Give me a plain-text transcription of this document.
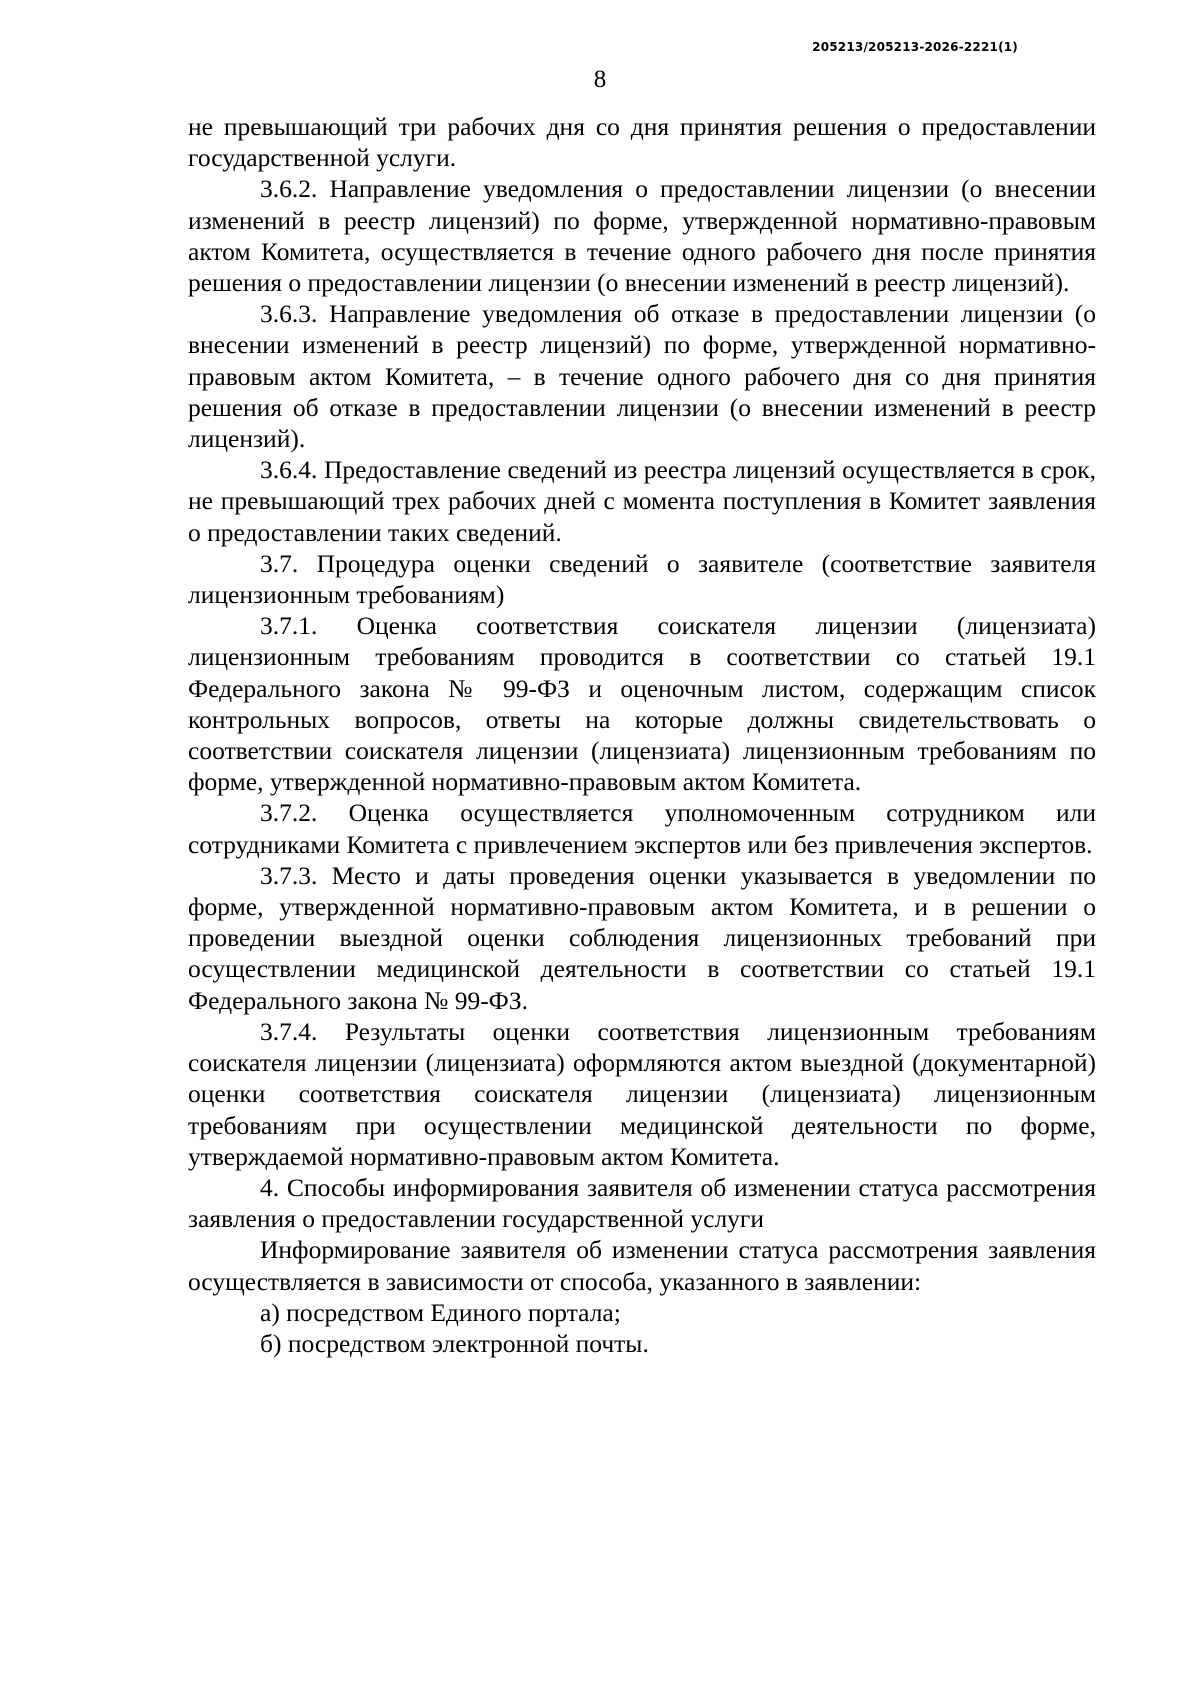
205213/205213-2026-2221(1)
8

не превышающий три рабочих дня со дня принятия решения о предоставлении государственной услуги.

3.6.2. Направление уведомления о предоставлении лицензии (о внесении изменений в реестр лицензий) по форме, утвержденной нормативно-правовым актом Комитета, осуществляется в течение одного рабочего дня после принятия решения о предоставлении лицензии (о внесении изменений в реестр лицензий).

3.6.3. Направление уведомления об отказе в предоставлении лицензии (о внесении изменений в реестр лицензий) по форме, утвержденной нормативно-правовым актом Комитета, – в течение одного рабочего дня со дня принятия решения об отказе в предоставлении лицензии (о внесении изменений в реестр лицензий).

3.6.4. Предоставление сведений из реестра лицензий осуществляется в срок, не превышающий трех рабочих дней с момента поступления в Комитет заявления о предоставлении таких сведений.

3.7. Процедура оценки сведений о заявителе (соответствие заявителя лицензионным требованиям)

3.7.1. Оценка соответствия соискателя лицензии (лицензиата) лицензионным требованиям проводится в соответствии со статьей 19.1 Федерального закона № 99-ФЗ и оценочным листом, содержащим список контрольных вопросов, ответы на которые должны свидетельствовать о соответствии соискателя лицензии (лицензиата) лицензионным требованиям по форме, утвержденной нормативно-правовым актом Комитета.

3.7.2. Оценка осуществляется уполномоченным сотрудником или сотрудниками Комитета с привлечением экспертов или без привлечения экспертов.

3.7.3. Место и даты проведения оценки указывается в уведомлении по форме, утвержденной нормативно-правовым актом Комитета, и в решении о проведении выездной оценки соблюдения лицензионных требований при осуществлении медицинской деятельности в соответствии со статьей 19.1 Федерального закона № 99-ФЗ.

3.7.4. Результаты оценки соответствия лицензионным требованиям соискателя лицензии (лицензиата) оформляются актом выездной (документарной) оценки соответствия соискателя лицензии (лицензиата) лицензионным требованиям при осуществлении медицинской деятельности по форме, утверждаемой нормативно-правовым актом Комитета.

4. Способы информирования заявителя об изменении статуса рассмотрения заявления о предоставлении государственной услуги

Информирование заявителя об изменении статуса рассмотрения заявления осуществляется в зависимости от способа, указанного в заявлении:

а) посредством Единого портала;

б) посредством электронной почты.
